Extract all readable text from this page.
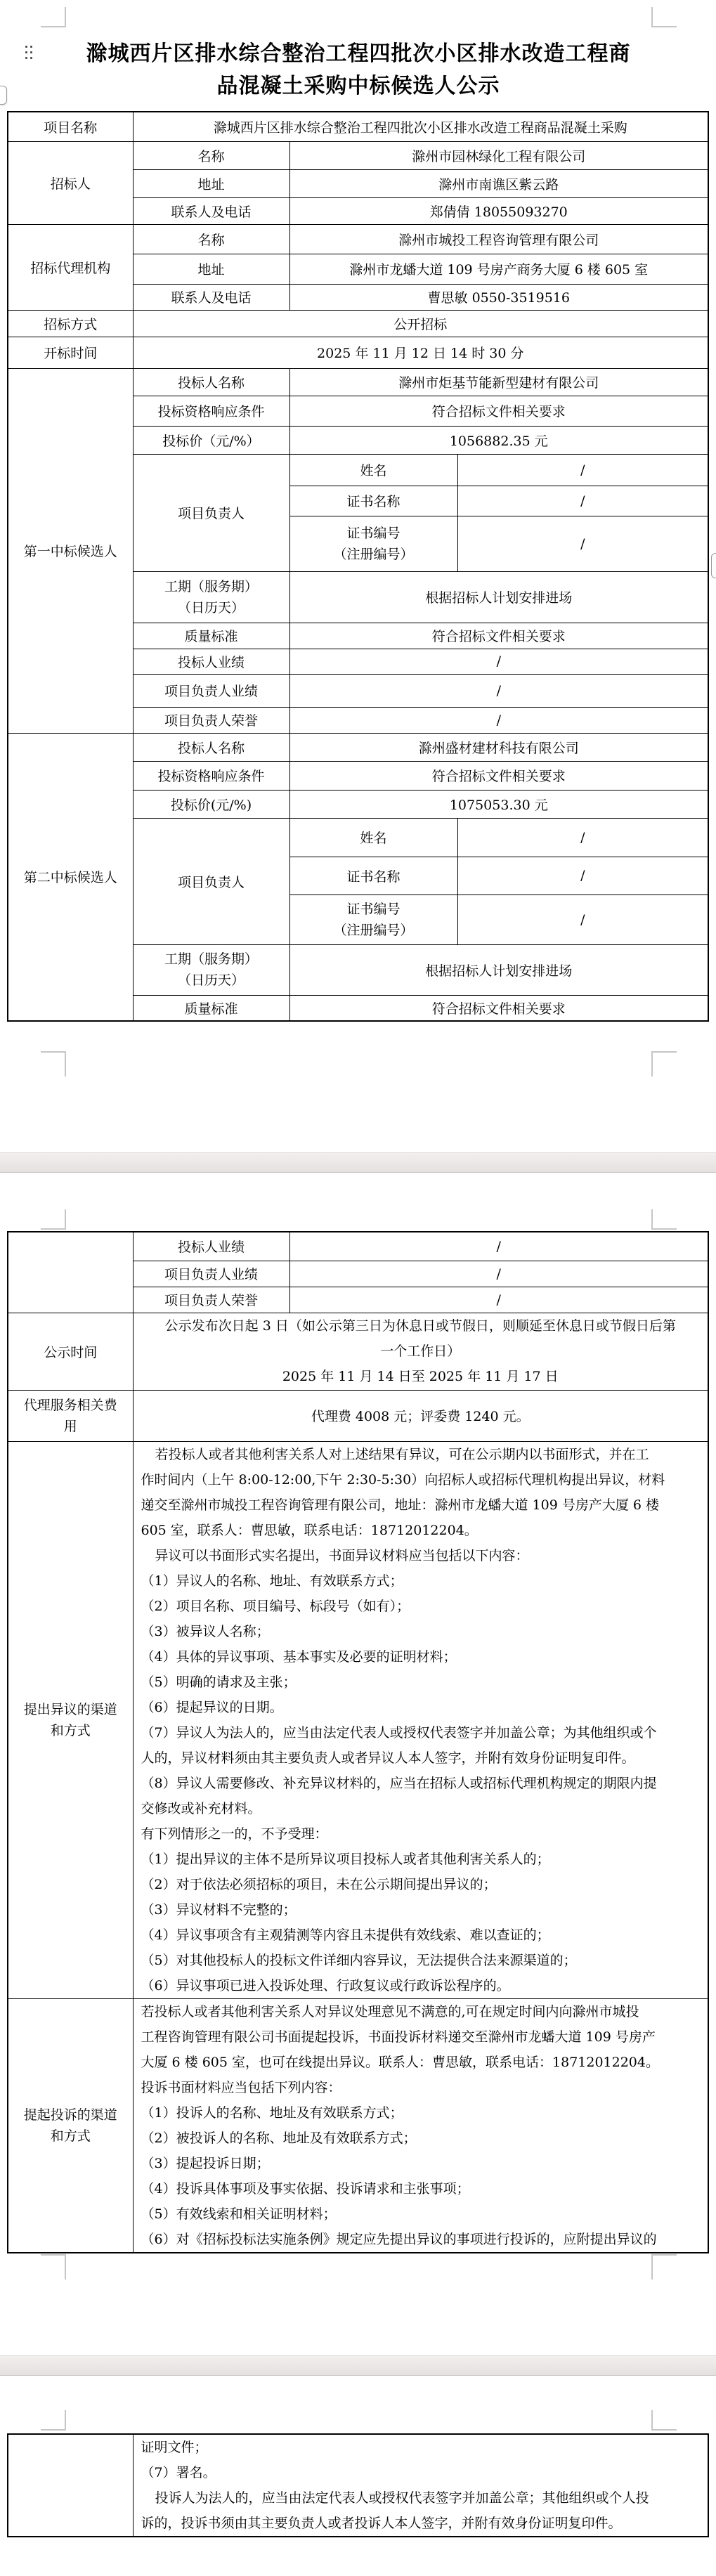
滁城西片区排水综合整治工程四批次小区排水改造工程商
品混凝土采购中标候选人公示
项目名称	滁城西片区排水综合整治工程四批次小区排水改造工程商品混凝土采购		
招标人	名称	滁州市园林绿化工程有限公司	
	地址	滁州市南谯区紫云路	
	联系人及电话	郑倩倩 18055093270	
招标代理机构	名称	滁州市城投工程咨询管理有限公司	
	地址	滁州市龙蟠大道 109 号房产商务大厦 6 楼 605 室	
	联系人及电话	曹思敏 0550-3519516	
招标方式	公开招标		
开标时间	2025 年 11 月 12 日 14 时 30 分		
第一中标候选人	投标人名称	滁州市炬基节能新型建材有限公司	
	投标资格响应条件	符合招标文件相关要求	
	投标价（元/%）	1056882.35 元	
	项目负责人	姓名	/
		证书名称	/

		证书编号
（注册编号）	/

	工期（服务期）
（日历天）	根据招标人计划安排进场	
	质量标准	符合招标文件相关要求	
	投标人业绩	/	
	项目负责人业绩	/	
	项目负责人荣誉	/	
第二中标候选人	投标人名称	滁州盛材建材科技有限公司	
	投标资格响应条件	符合招标文件相关要求	
	投标价(元/%)	1075053.30 元	
	项目负责人	姓名	/
		证书名称	/

		证书编号
（注册编号）	/

	工期（服务期）
（日历天）	根据招标人计划安排进场	
	质量标准	符合招标文件相关要求	
	投标人业绩	/
	项目负责人业绩	/
	项目负责人荣誉	/
公示时间	公示发布次日起 3 日（如公示第三日为休息日或节假日，则顺延至休息日或节假日后第
一个工作日）
2025 年 11 月 14 日至 2025 年 11 月 17 日	

代理服务相关费
用	代理费 4008 元；评委费 1240 元。	

提出异议的渠道
和方式

若投标人或者其他利害关系人对上述结果有异议，可在公示期内以书面形式，并在工
作时间内（上午 8:00-12:00,下午 2:30-5:30）向招标人或招标代理机构提出异议，材料
递交至滁州市城投工程咨询管理有限公司，地址：滁州市龙蟠大道 109 号房产大厦 6 楼
605 室，联系人：曹思敏，联系电话：18712012204。
异议可以书面形式实名提出，书面异议材料应当包括以下内容：
（1）异议人的名称、地址、有效联系方式；
（2）项目名称、项目编号、标段号（如有）；
（3）被异议人名称；
（4）具体的异议事项、基本事实及必要的证明材料；
（5）明确的请求及主张；
（6）提起异议的日期。
（7）异议人为法人的，应当由法定代表人或授权代表签字并加盖公章；为其他组织或个
人的，异议材料须由其主要负责人或者异议人本人签字，并附有效身份证明复印件。
（8）异议人需要修改、补充异议材料的，应当在招标人或招标代理机构规定的期限内提
交修改或补充材料。
有下列情形之一的，不予受理：
（1）提出异议的主体不是所异议项目投标人或者其他利害关系人的；
（2）对于依法必须招标的项目，未在公示期间提出异议的；
（3）异议材料不完整的；
（4）异议事项含有主观猜测等内容且未提供有效线索、难以查证的；
（5）对其他投标人的投标文件详细内容异议，无法提供合法来源渠道的；
（6）异议事项已进入投诉处理、行政复议或行政诉讼程序的。

提起投诉的渠道
和方式

若投标人或者其他利害关系人对异议处理意见不满意的,可在规定时间内向滁州市城投
工程咨询管理有限公司书面提起投诉，书面投诉材料递交至滁州市龙蟠大道 109 号房产
大厦 6 楼 605 室，也可在线提出异议。联系人：曹思敏，联系电话：18712012204。
投诉书面材料应当包括下列内容：
（1）投诉人的名称、地址及有效联系方式；
（2）被投诉人的名称、地址及有效联系方式；
（3）提起投诉日期；
（4）投诉具体事项及事实依据、投诉请求和主张事项；
（5）有效线索和相关证明材料；
（6）对《招标投标法实施条例》规定应先提出异议的事项进行投诉的，应附提出异议的

证明文件；
（7）署名。
投诉人为法人的，应当由法定代表人或授权代表签字并加盖公章；其他组织或个人投
诉的，投诉书须由其主要负责人或者投诉人本人签字，并附有效身份证明复印件。
